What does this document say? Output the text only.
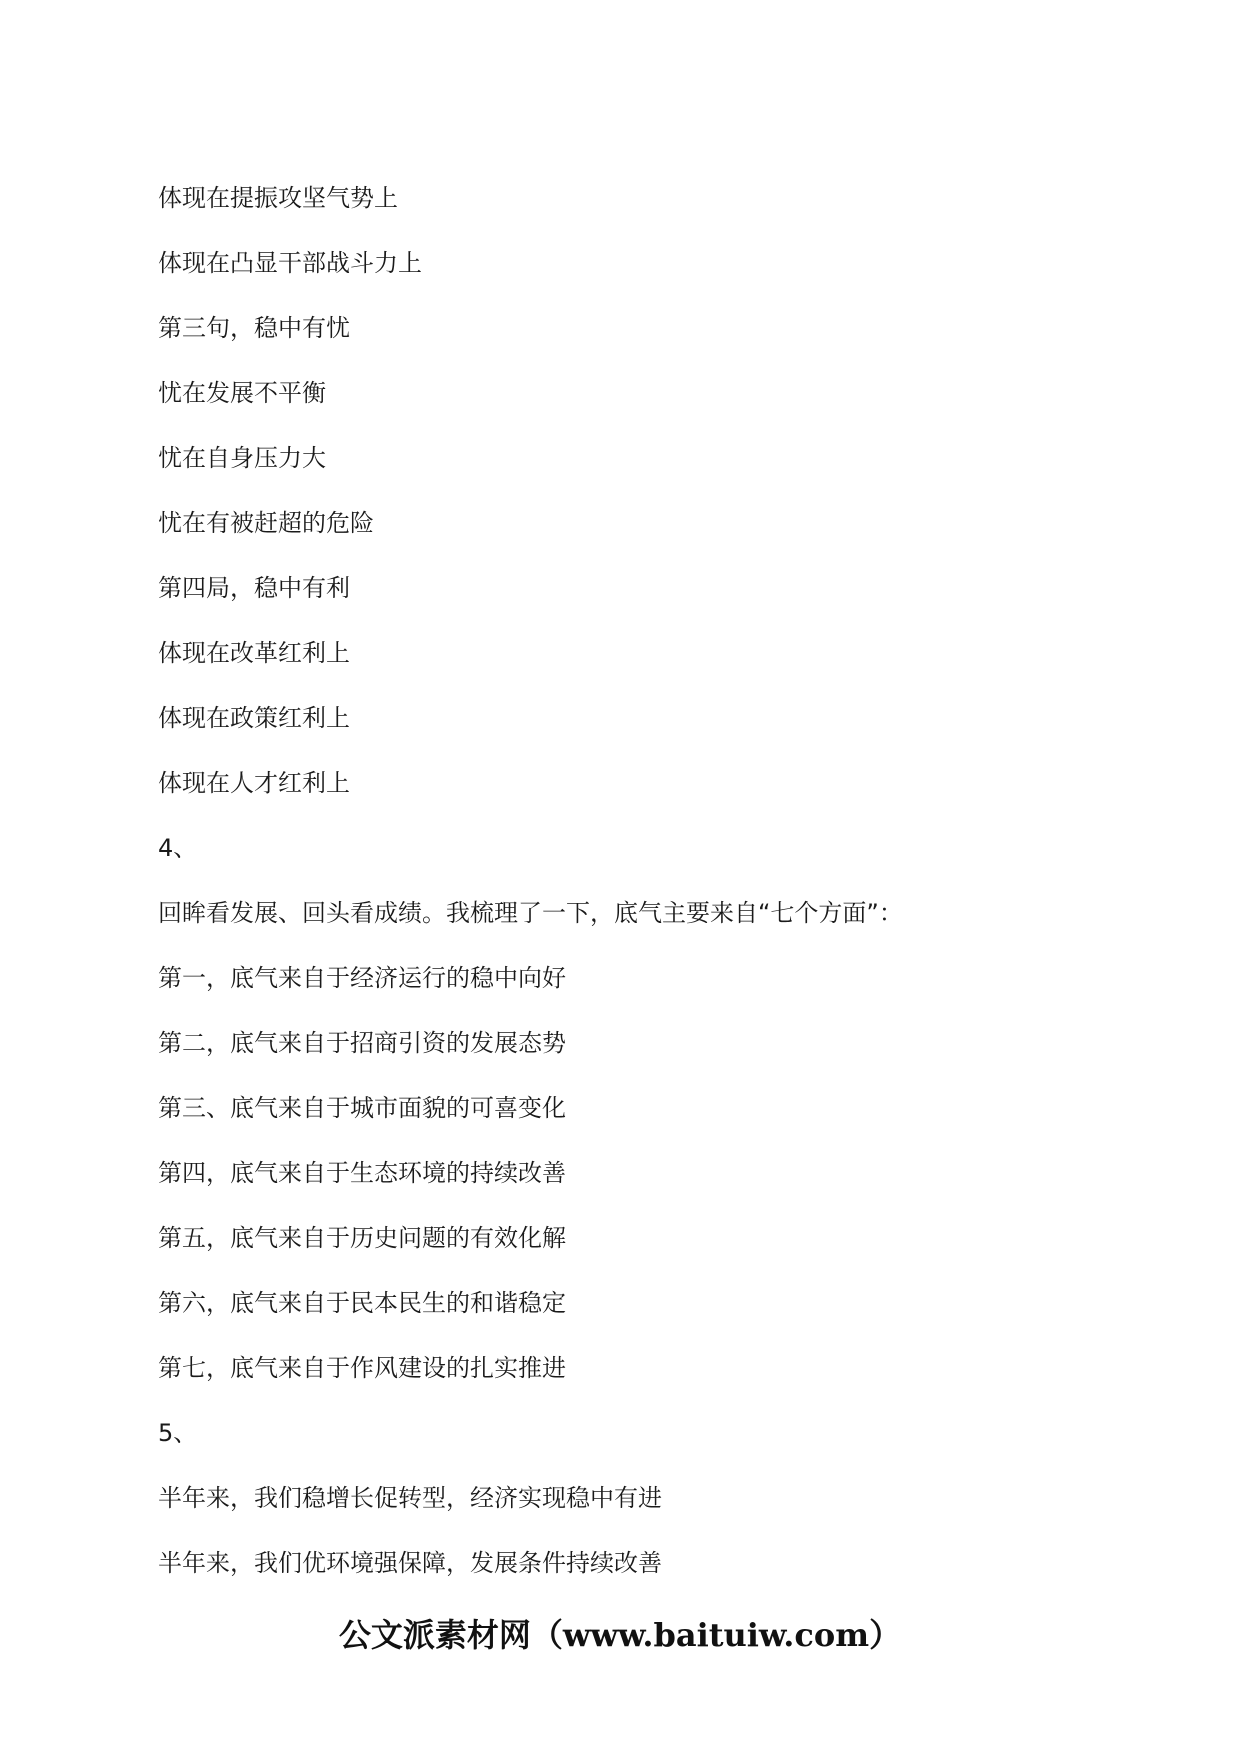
体现在提振攻坚气势上
体现在凸显干部战斗力上
第三句，稳中有忧
忧在发展不平衡
忧在自身压力大
忧在有被赶超的危险
第四局，稳中有利
体现在改革红利上
体现在政策红利上
体现在人才红利上
4、
回眸看发展、回头看成绩。我梳理了一下，底气主要来自“七个方面”：
第一，底气来自于经济运行的稳中向好
第二，底气来自于招商引资的发展态势
第三、底气来自于城市面貌的可喜变化
第四，底气来自于生态环境的持续改善
第五，底气来自于历史问题的有效化解
第六，底气来自于民本民生的和谐稳定
第七，底气来自于作风建设的扎实推进
5、
半年来，我们稳增长促转型，经济实现稳中有进
半年来，我们优环境强保障，发展条件持续改善
公文派素材网（www.baituiw.com）
